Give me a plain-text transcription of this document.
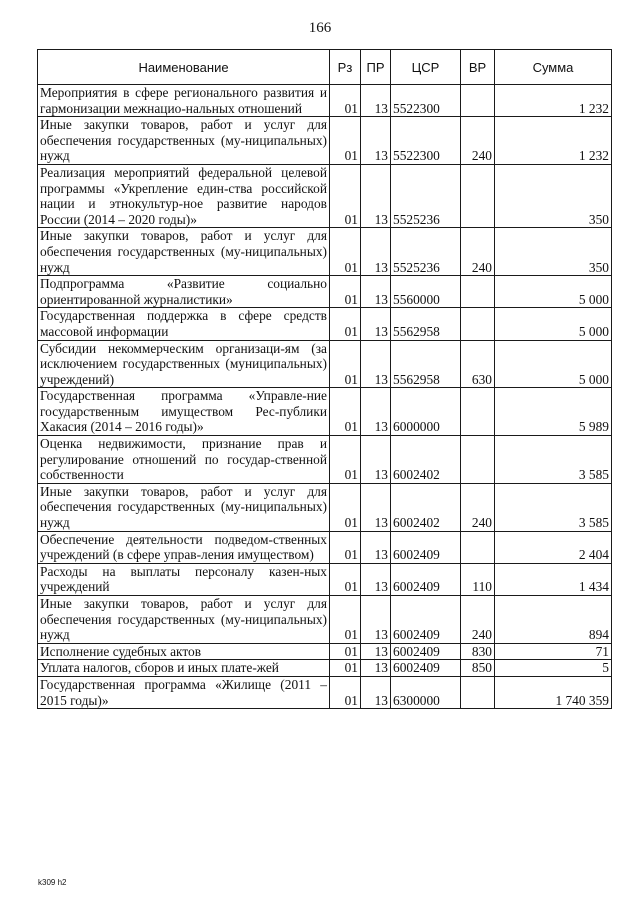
166
Наименование	Рз	ПР	ЦСР	ВР	Сумма
Мероприятия в сфере регионального развития и гармонизации межнацио-нальных отношений	01	13	5522300		1 232
Иные закупки товаров, работ и услуг для обеспечения государственных (му-ниципальных) нужд	01	13	5522300	240	1 232
Реализация мероприятий федеральной целевой программы «Укрепление един-ства российской нации и этнокультур-ное развитие народов России (2014 – 2020 годы)»	01	13	5525236		350
Иные закупки товаров, работ и услуг для обеспечения государственных (му-ниципальных) нужд	01	13	5525236	240	350
Подпрограмма «Развитие социально ориентированной журналистики»	01	13	5560000		5 000
Государственная поддержка в сфере средств массовой информации	01	13	5562958		5 000
Субсидии некоммерческим организаци-ям (за исключением государственных (муниципальных) учреждений)	01	13	5562958	630	5 000
Государственная программа «Управле-ние государственным имуществом Рес-публики Хакасия (2014 – 2016 годы)»	01	13	6000000		5 989
Оценка недвижимости, признание прав и регулирование отношений по государ-ственной собственности	01	13	6002402		3 585
Иные закупки товаров, работ и услуг для обеспечения государственных (му-ниципальных) нужд	01	13	6002402	240	3 585
Обеспечение деятельности подведом-ственных учреждений (в сфере управ-ления имуществом)	01	13	6002409		2 404
Расходы на выплаты персоналу казен-ных учреждений	01	13	6002409	110	1 434
Иные закупки товаров, работ и услуг для обеспечения государственных (му-ниципальных) нужд	01	13	6002409	240	894
Исполнение судебных актов	01	13	6002409	830	71
Уплата налогов, сборов и иных плате-жей	01	13	6002409	850	5
Государственная программа «Жилище (2011 – 2015 годы)»	01	13	6300000		1 740 359
k309 h2
